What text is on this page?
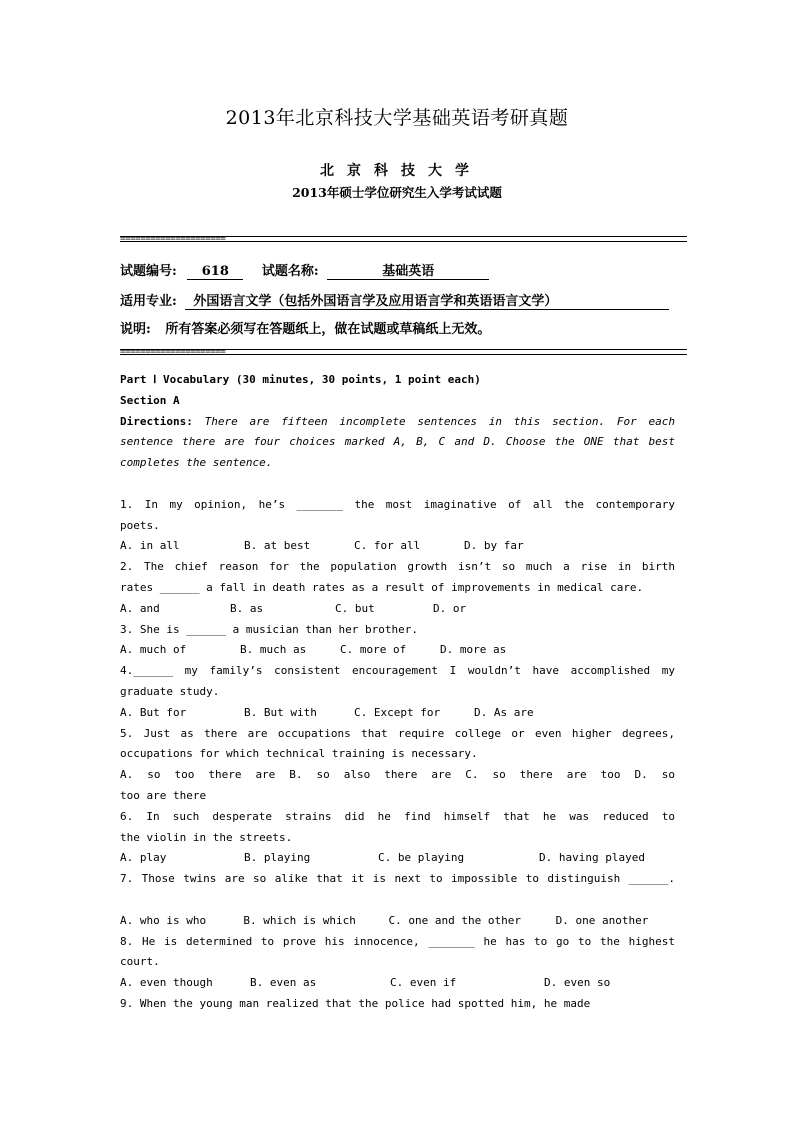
2013年北京科技大学基础英语考研真题
北京科技大学
2013年硕士学位研究生入学考试试题
=====================
试题编号: 618	试题名称:	基础英语
适用专业: 外国语言文学（包括外国语言学及应用语言学和英语语言文学）
说明: 所有答案必须写在答题纸上，做在试题或草稿纸上无效。
=====================
Part Ⅰ Vocabulary (30 minutes, 30 points, 1 point each)
Section A
Directions: There are fifteen incomplete sentences in this section. For each
sentence there are four choices marked A, B, C and D. Choose the ONE that best
completes the sentence.
1. In my opinion, he’s _______ the most imaginative of all the contemporary
poets.
A. in all	B. at best	C. for all	D. by far
2. The chief reason for the population growth isn’t so much a rise in birth
rates ______ a fall in death rates as a result of improvements in medical care.
A. and	B. as	C. but	D. or
3. She is ______ a musician than her brother.
A. much of	B. much as	C. more of	D. more as
4.______ my family’s consistent encouragement I wouldn’t have accomplished my
graduate study.
A. But for	B. But with	C. Except for	D. As are
5. Just as there are occupations that require college or even higher degrees,
occupations for which technical training is necessary.
A. so too there are B. so also there are C. so there are too D. so
too are there
6. In such desperate strains did he find himself that he was reduced to
the violin in the streets.
A. play	B. playing	C. be playing	D. having played
7. Those twins are so alike that it is next to impossible to distinguish ______.
A. who is who	B. which is which	C. one and the other	D. one another
8. He is determined to prove his innocence, _______ he has to go to the highest
court.
A. even though	B. even as	C. even if	D. even so
9. When the young man realized that the police had spotted him, he made
